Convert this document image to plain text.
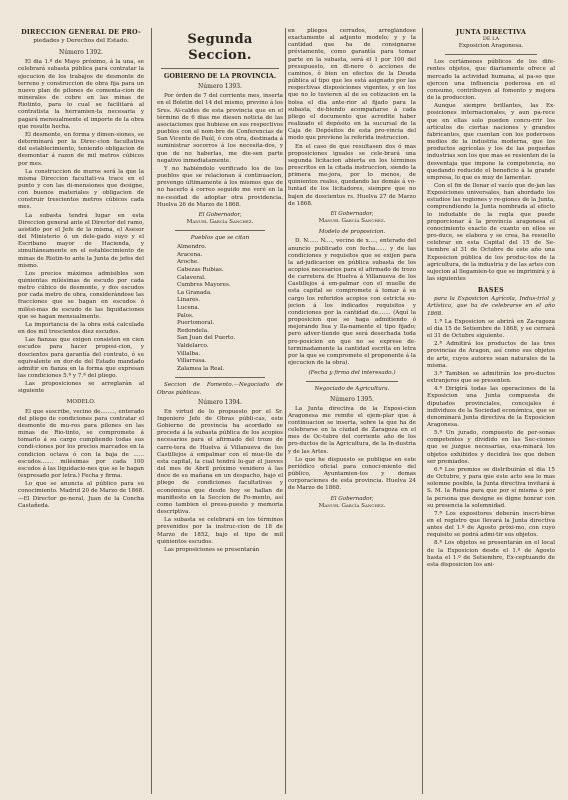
DIRECCION GENERAL DE PRO-
piedades y Derechos del Estado.
Número 1392.

El dia 1.º de Mayo próximo, á la una, se celebrará subasta pública para contratar la ejecucion de los trabajos de desmonte de terreno y construccion de obra fija para un nuevo plan de pilones de comenta-cion de minerales de cobre en las minas de Riotinto, para lo cual se facilitará al contratista la herramien-ta necesaria y pagará mensualmente el importe de la obra que resulte hecha.

El desmonte, en forma y dimen-siones, se determinará por la Direc-cion facultativa del establecimiento, teniendo obligacion de desmontar á razon de mil metros cúbicos por mes.

La construccion de muros será la que la misma Direccion facultati-va trace en el punto y con las di-mensiones que designe, con buenos materiales y obligacion de construir trescientos metros cúbicos cada mes.

La subasta tendrá lugar en esta Direccion general ante el Director del ramo, asistido por el Jefe de la misma, el Asesor del Ministerio ó un dele-gado suyo y el Escribano mayor de Hacienda, y simultáneamente en el establecimiento de minas de Riotin-to ante la Junta de jefes del mismo.

Los precios máximos admisibles son quinientas milésimas de escudo por cada metro cúbico de desmonte, y dos escudos por cada metro de obra, considerándose las fracciones que se hagan en escudos ó milési-mas de escudo de las liquidaciones que se hagan mensualmente.

La importancia de la obra está calculada en dos mil trescientos diez escudos.

Las fianzas que exigen consisten en cien escudos para hacer proposi-cion, y doscientos para garantía del contrato, ó su equivalente en dor-de del Estado mandado admitir en fianza en la forma que expresan las condiciones 5.ª y 7.ª del pliego.

Las proposiciones se arreglarán al siguiente

MODELO.

El que suscribe, vecino de........, enterado del pliego de condiciones para contratar el desmonte de mu-ros para pilones en las minas de Rio-tinto, se compromete á tomarlo á su cargo cumpliendo todas sus condi-ciones por los precios marcados en la condicion octava ó con la baja de ...... escudos....... milésimas por cada 100 escudos á las liquidacio-nes que se le hagan (expresado por letra.) Fecha y firma.

Lo que se anuncia al público para su conocimiento. Madrid 20 de Marzo de 1868.—El Director ge-neral, Juan de la Concha Castañeda.

Segunda Seccion.
GOBIERNO DE LA PROVINCIA.
Número 1393.

Por órden de 7 del corriente mes, inserta en el Boletin del 14 del mismo, previno á los Sres. Al-caldes de esta provincia que en el término de 6 dias me diesen noticia de las asociaciones que hubiese en sus respectivos pueblos con el nom-bre de Conferencias de San Vicente de Paúl, ó con otra, destinada á suministrar socorros á los necesita-dos, y que de no haberlas, me die-sen parte negativo inmediatamente.

Y no habiéndolo verificado los de los pueblos que se relacionan á continuacion, prevengo últimamente á los mismos que de no hacerlo á correo seguido me veré en la ne-cesidad de adoptar otra providencia. Huelva 26 de Marzo de 1868.

El Gobernador,
Manuel García Sanchez.
Pueblos que se citan
Almendro.
Aracena.
Aroche.
Cabezas Rubias.
Calaveral.
Cumbres Mayores.
La Granada.
Linares.
Lucena.
Palos.
Puertomoral.
Redondela.
San Juan del Puerto.
Valdelarco.
Villalba.
Villarrasa.
Zalamea la Real.

Seccion de Fomento.—Negociado de Obras públicas.

Número 1394.

En virtud de lo propuesto por el Sr. Ingeniero Jefe de Obras públi-cas, este Gobierno de provincia ha acordado se proceda á la subasta pública de los acopios necesarios para el afirmado del trozo de carre-tera de Huelva á Villanueva de los Castillejos á empalmar con el mue-lle de esta capital, la cual tendrá lu-gar el jueves del mes de Abril próximo venidero á las doce de su mañana en un despacho, bajo el pliego de condiciones facultativas y económicas que desde hoy se hallan de manifiesto en la Seccion de Fo-mento, así como tambien el presu-puesto y memoria descriptiva.

La subasta se celebrará en los términos prevenidos por la instruc-cion de 18 de Marzo de 1852, bajo el tipo de mil quinientos escudos.

Las proposiciones se presentarán

en pliegos cerrados, arreglándose exactamente al adjunto modelo; y y la cantidad que ha de consignarse préviamente, como garantía para tomar parte en la subasta, será el 1 por 100 del presupuesto, en di-nero ó acciones de caminos, ó bien en efectos de la Deuda pública al tipo que les está asignado por las respectivas disposiciones vigentes, y en los que no lo tuvieren al de su cotizacion en la bolsa el dia ante-rior al fijado para la subasta, de-biendo acompañarse á cada pliego el documento que acredite haber realizado el depósito en la sucursal de la Caja de Depósitos de esta pro-vincia del modo que previene la referida instruccion.

En el caso de que resultasen dos ó mas proposiciones iguales se cele-brará una segunda licitacion abierta en los términos prescritos en la citada instruccion, siendo la primera me-jora, por lo menos, de quinientos reales, quedando las demás á vo-luntad de los licitadores, siempre que no bajen de doscientos rs. Huelva 27 de Marzo de 1868.

El Gobernador,
Manuel García Sanchez.
Modelo de proposicion.

D. N...... N...., vecino de x...., enterado del anuncio publicado con fecha...... y de las condiciones y requisitos que se exijen para la ad-judicacion en pública subasta de los acopios necesarios para el afirmado de trozo de carretera de Huelva á Villanueva de los Castillejos á em-palmar con el muelle de esta capital se compromete á tomar á su cargo los referidos acopios con estricta su-jecion á los indicados requisitos y condiciones por la cantidad de....... (Aquí la proposicion que se haga admitiendo ó mejorando lisa y lla-namente el tipo fijado; pero adver-tiendo que será desechada toda pro-posicion en que no se exprese de-terminadamente la cantidad escrita en letra por la que se compromete el proponente á la ejecucion de la obra).

(Fecha y firma del interesado.)
Negociado de Agricultura.
Número 1395.

La Junta directiva de la Exposi-cion Aragonesa me remite el ejem-plar que á continuacion se inserta, sobre la que ha de celebrarse en la ciudad de Zaragoza en el mes de Oc-tubre del corriente año de los pro-ductos de la Agricultura, de la In-dustria y de las Artes.

Lo que he dispuesto se publique en este periódico oficial para conoci-miento del público, Ayuntamien-tos y demas corporaciones de esta provincia. Huelva 24 de Marzo de 1868.

El Gobernador,
Manuel García Sanchez.
JUNTA DIRECTIVA
DE LA
Exposicion Aragonesa.

Los certámenes públicos de los dife-rentes objetos, que diariamente ofrece al mercado la actividad humana, al pa-so que ejercen una influencia poderosa en el consumo, contribuyen al fomento y mejora de la produccion.

Aunque siempre brillantes, las Ex-posiciones internacionales, y aun pa-rece que en ellas solo pueden concu-rrir los artículos de ciertas naciones y grandes fabricantes, que cuentan con los poderosos medios de la industria moderna, que los productos agrícolas y los de las pequeñas industrias son los que mas se resienten de la desventaja que impone la competencia, no quedando reducido el beneficio á la grande empresa, lo que es muy de lamentar.

Con el fin de llenar el vacío que de-jan las Exposiciones universales, han abordado los estudios las regiones y re-giones de la Junta, comprendiendo la Junta nombrada al efecto lo indudable de la regla que puede proporcionar á la provincia aragonesa el conocimiento exacto de cuanto en ellos se pro-duce, se elabora y se crea, ha resuelto celebrar en esta Capital del 15 de Se-tiembre al 31 de Octubre de este año una Exposicion pública de los produc-tos de la agricultura, de la industria y de las artes con sujecion al llegamien-to que se imprimirá y á las siguientes

BASES

para la Exposicion Agrícola, Indus-trial y Artística, que ha de celebrarse en el año 1868.

1.ª La Exposicion se abrirá en Za-ragoza el dia 15 de Setiembre de 1868, y se cerrará el 31 de Octubre siguiente.

2.ª Admitirá los productos de las tres provincias de Aragon, así como sus objetos de arte, cuyos autores sean naturales de la misma.

3.ª Tambien se admitirán los pro-ductos extranjeros que se presenten.

4.ª Dirigirá todas las operaciones de la Exposicion una Junta compuesta de diputados provinciales, concejales é individuos de la Sociedad económica, que se denominará Junta directiva de la Exposicion Aragonesa.

5.ª Un jurado, compuesto de per-sonas competentes y dividido en las Sec-ciones que se juzgue necesarias, exa-minará los objetos exhibidos y decidirá los que deben ser premiados.

6.ª Los premios se distribuirán el dia 15 de Octubre, y para que este acto sea lo mas solemne posible, la Junta directiva invitará á S. M. la Reina para que por sí misma ó por la persona que designe se digne honrar con su presencia la solemnidad.

7.ª Los expositores deberán inscri-birse en el registro que llevará la Junta directiva antes del 1.º de Agosto próxi-mo, con cuyo requisito se podrá admi-tir sus objetos.

8.ª Los objetos se presentarán en el local de la Exposicion desde el 1.º de Agosto hasta el 1.º de Setiembre, Ex-ceptuando de esta disposicion los ani-
